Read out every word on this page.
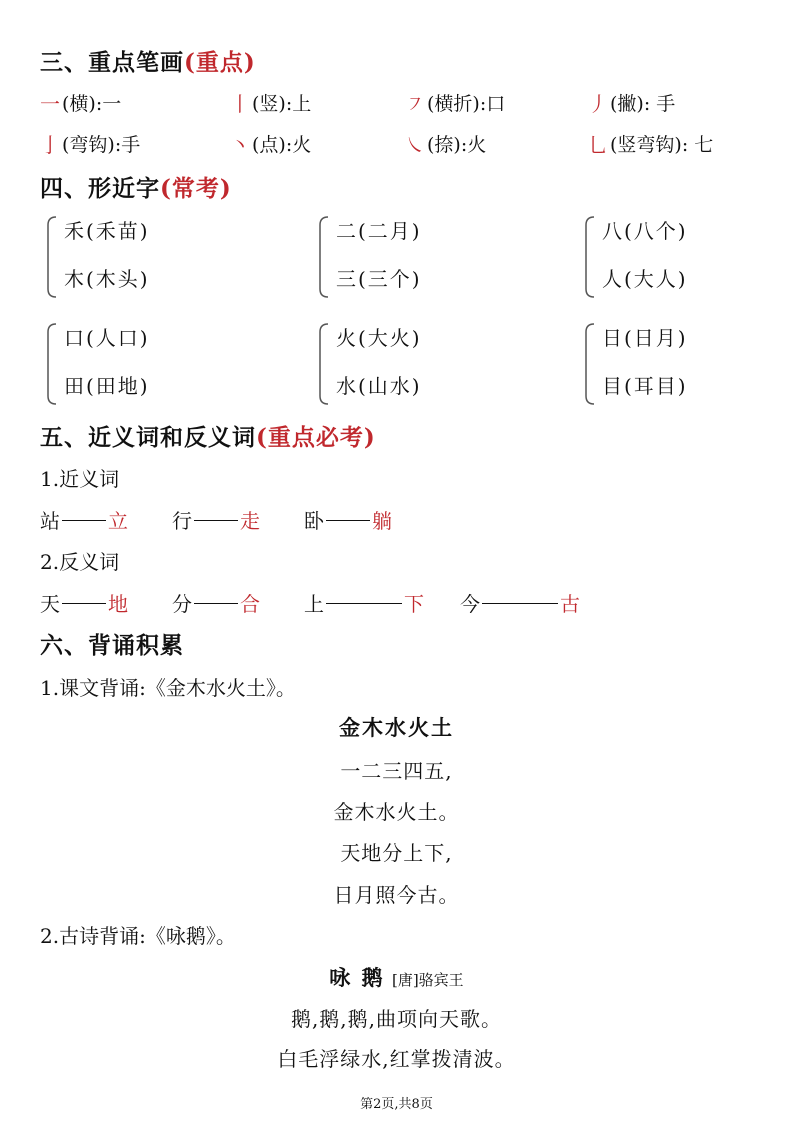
三、重点笔画(重点)
一 (横):一	丨 (竖):上	㇇ (横折):口	丿 (撇): 手
亅 (弯钩):手	丶 (点):火	㇏ (捺):火	乚 (竖弯钩): 七
四、形近字(常考)
禾(禾苗)
木(木头)
二(二月)
三(三个)
八(八个)
人(大人)
口(人口)
田(田地)
火(大火)
水(山水)
日(日月)
目(耳目)
五、近义词和反义词(重点必考)
1.近义词
站 立 行 走 卧 躺
2.反义词
天 地 分 合 上	下 今	古
六、背诵积累
1.课文背诵:《金木水火土》。
金木水火土
一二三四五,
金木水火土。
天地分上下,
日月照今古。
2.古诗背诵:《咏鹅》。
咏 鹅 [唐]骆宾王
鹅,鹅,鹅,曲项向天歌。
白毛浮绿水,红掌拨清波。
第2页,共8页
